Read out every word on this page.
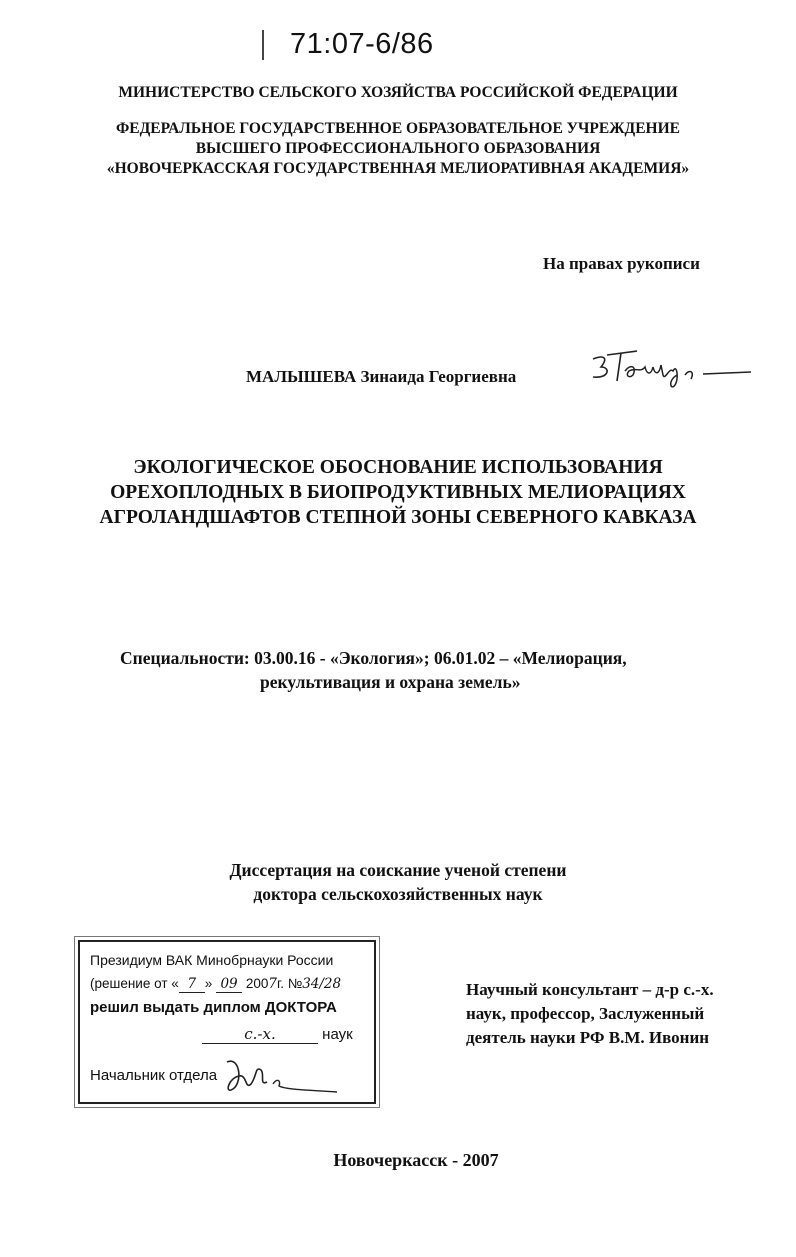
71:07-6/86
МИНИСТЕРСТВО СЕЛЬСКОГО ХОЗЯЙСТВА РОССИЙСКОЙ ФЕДЕРАЦИИ
ФЕДЕРАЛЬНОЕ ГОСУДАРСТВЕННОЕ ОБРАЗОВАТЕЛЬНОЕ УЧРЕЖДЕНИЕ
ВЫСШЕГО ПРОФЕССИОНАЛЬНОГО ОБРАЗОВАНИЯ
«НОВОЧЕРКАССКАЯ ГОСУДАРСТВЕННАЯ МЕЛИОРАТИВНАЯ АКАДЕМИЯ»
На правах рукописи
МАЛЫШЕВА Зинаида Георгиевна
ЭКОЛОГИЧЕСКОЕ ОБОСНОВАНИЕ ИСПОЛЬЗОВАНИЯ
ОРЕХОПЛОДНЫХ В БИОПРОДУКТИВНЫХ МЕЛИОРАЦИЯХ
АГРОЛАНДШАФТОВ СТЕПНОЙ ЗОНЫ СЕВЕРНОГО КАВКАЗА
Специальности: 03.00.16 - «Экология»; 06.01.02 – «Мелиорация,
рекультивация и охрана земель»
Диссертация на соискание ученой степени
доктора сельскохозяйственных наук
Президиум ВАК Минобрнауки России
(решение от « 7 » 09 2007г. №34/28
решил выдать диплом ДОКТОРА
с.-х.	наук
Начальник отдела
Научный консультант – д-р с.-х.
наук, профессор, Заслуженный
деятель науки РФ В.М. Ивонин
Новочеркасск - 2007
